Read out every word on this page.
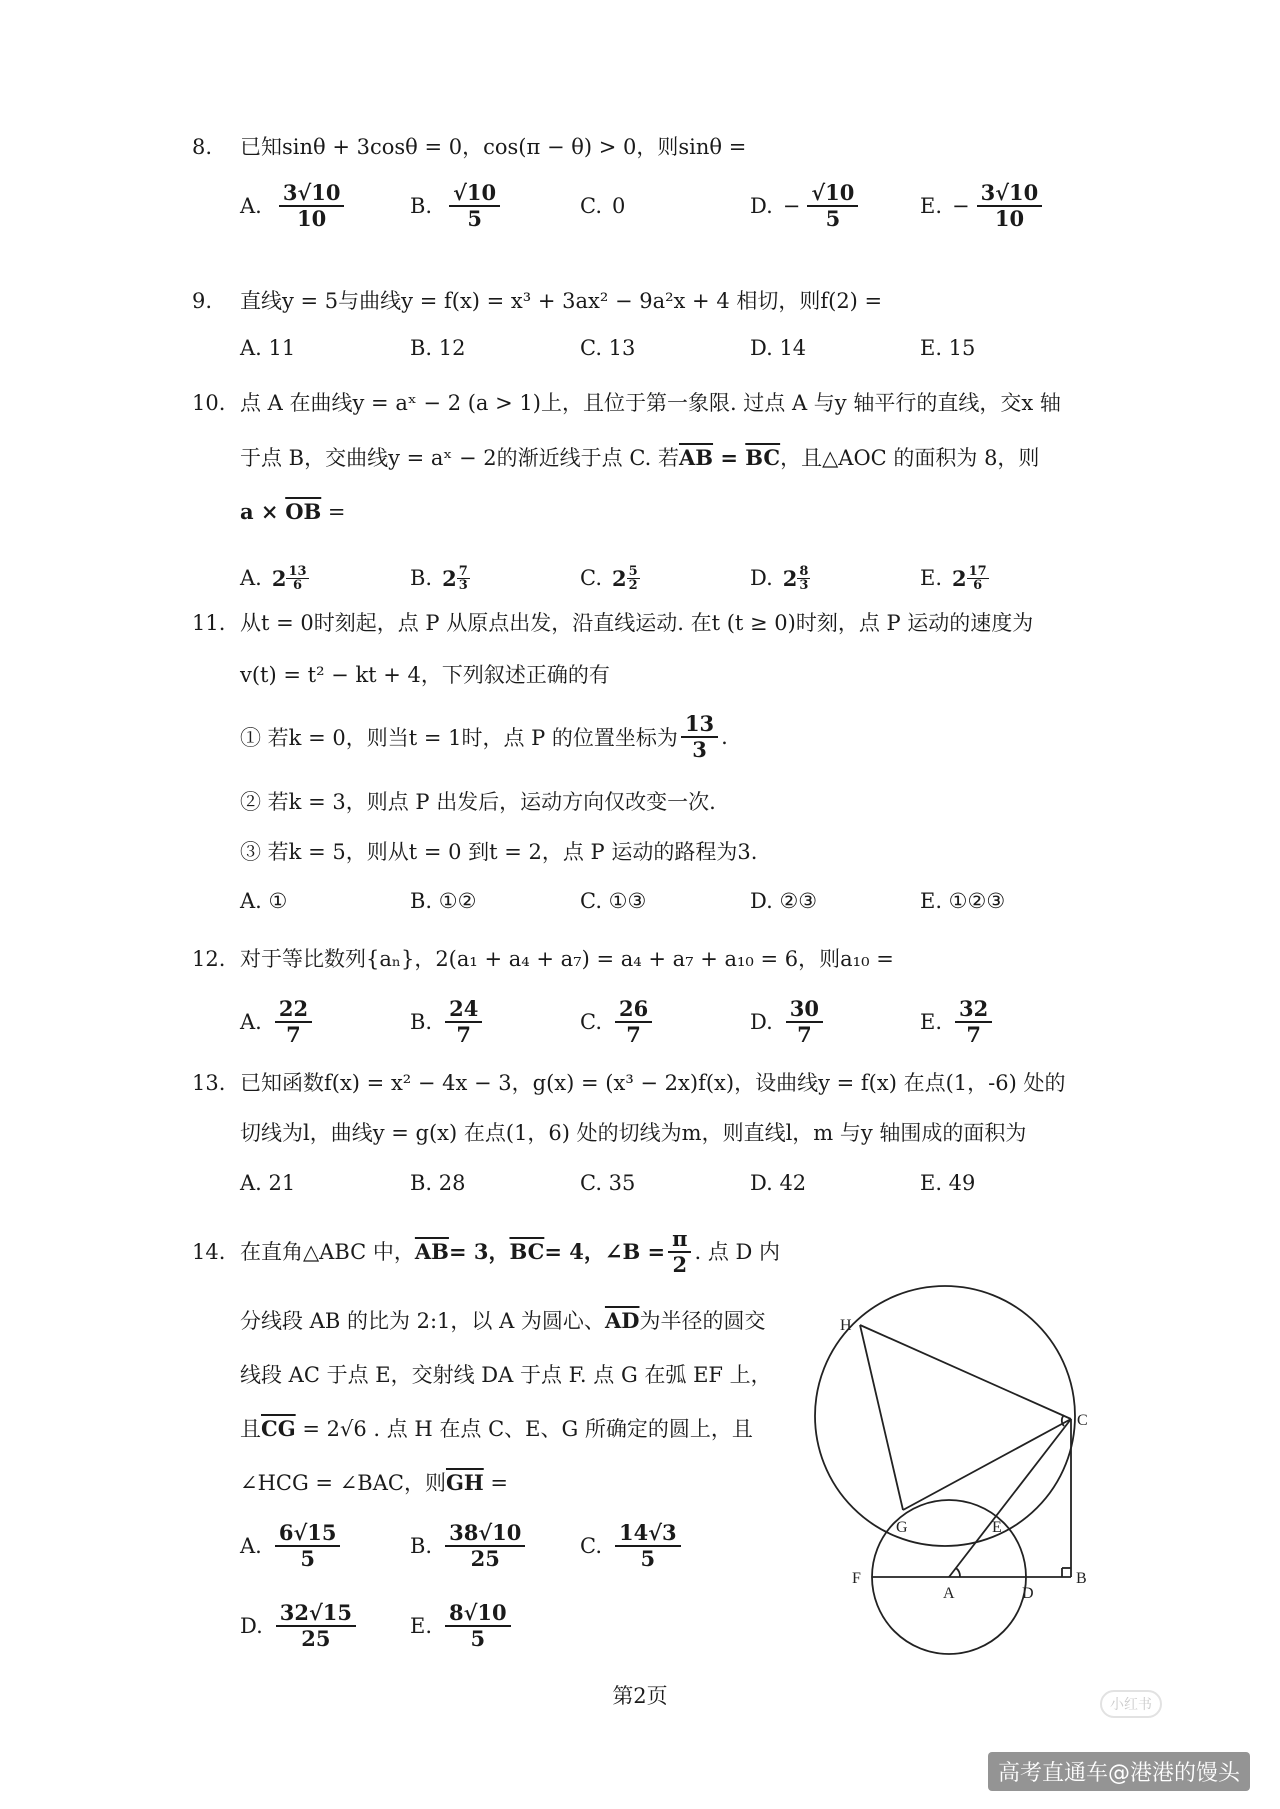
8.	已知sinθ + 3cosθ = 0，cos(π − θ) > 0，则sinθ =
A. $\frac{3√10}{10}$	B. $\frac{√10}{5}$	C. 0	D. − $\frac{√10}{5}$	E. − $\frac{3√10}{10}$
9.	直线y = 5与曲线y = f(x) = x³ + 3ax² − 9a²x + 4 相切，则f(2) =
A. 11	B. 12	C. 13	D. 14	E. 15
10. 点 A 在曲线y = aˣ − 2 (a > 1)上，且位于第一象限. 过点 A 与y 轴平行的直线，交x 轴
于点 B，交曲线y = aˣ − 2的渐近线于点 C. 若$\overline{AB} = \overline{BC}$，且△AOC 的面积为 8，则
$a \times \overline{OB}$ =
A. $2 \frac{13}{6}$	B. $2 \frac{7}{3}$	C. $2 \frac{5}{2}$	D. $2 \frac{8}{3}$	E. $2 \frac{17}{6}$
11. 从t = 0时刻起，点 P 从原点出发，沿直线运动. 在t (t ≥ 0)时刻，点 P 运动的速度为
v(t) = t² − kt + 4，下列叙述正确的有
① 若k = 0，则当t = 1时，点 P 的位置坐标为 $\frac{13}{3}$ .
② 若k = 3，则点 P 出发后，运动方向仅改变一次.
③ 若k = 5，则从t = 0 到t = 2，点 P 运动的路程为3.
A. ①	B. ①②	C. ①③	D. ②③	E. ①②③
12. 对于等比数列{aₙ}，2(a₁ + a₄ + a₇) = a₄ + a₇ + a₁₀ = 6，则a₁₀ =
A. $\frac{22}{7}$	B. $\frac{24}{7}$	C. $\frac{26}{7}$	D. $\frac{30}{7}$	E. $\frac{32}{7}$
13. 已知函数f(x) = x² − 4x − 3，g(x) = (x³ − 2x)f(x)，设曲线y = f(x) 在点(1，-6) 处的
切线为l，曲线y = g(x) 在点(1，6) 处的切线为m，则直线l，m 与y 轴围成的面积为
A. 21	B. 28	C. 35	D. 42	E. 49
14. 在直角△ABC 中， $\overline{AB} = 3$， $\overline{BC} = 4$，∠B = $\frac{\pi}{2}$ . 点 D 内
分线段 AB 的比为 2:1，以 A 为圆心、$\overline{AD}$为半径的圆交
线段 AC 于点 E，交射线 DA 于点 F. 点 G 在弧 EF 上，
且$\overline{CG} = 2√6$ . 点 H 在点 C、E、G 所确定的圆上，且
∠HCG = ∠BAC，则$\overline{GH}$ =
A. $\frac{6√15}{5}$	B. $\frac{38√10}{25}$	C. $\frac{14√3}{5}$
D. $\frac{32√15}{25}$	E. $\frac{8√10}{5}$
H
C
G	E
F
A	D
B
第2页	小红书
高考直通车@港港的馒头
